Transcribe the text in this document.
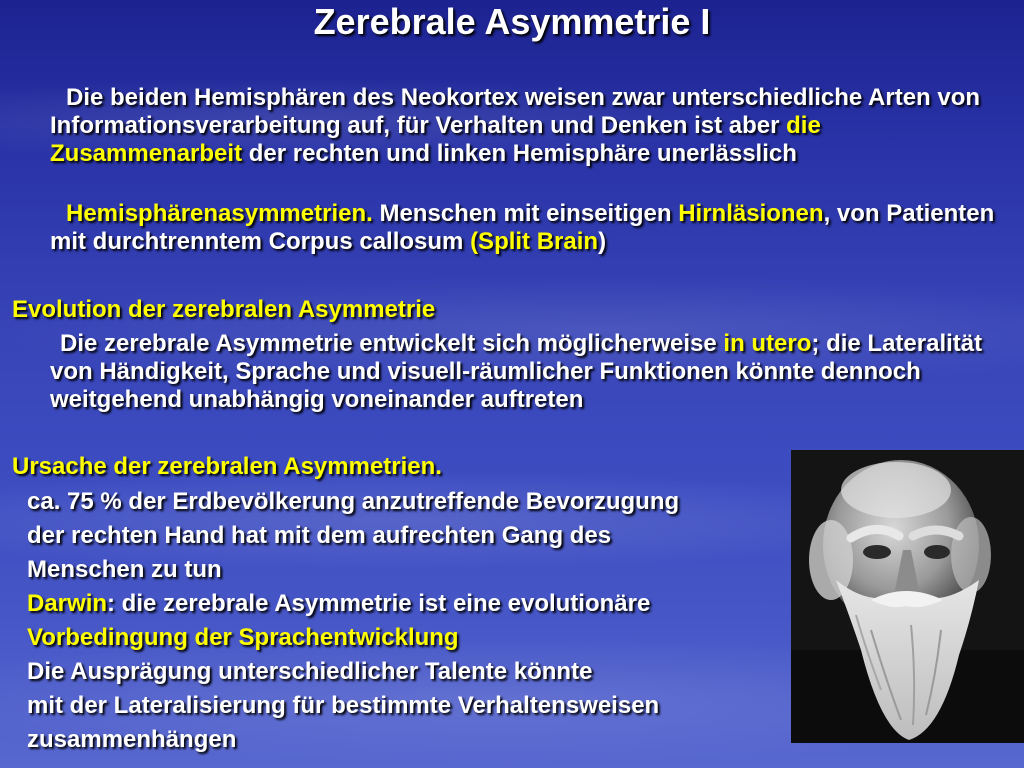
Zerebrale Asymmetrie I
Die beiden Hemisphären des Neokortex weisen zwar unterschiedliche Arten von Informationsverarbeitung auf, für Verhalten und Denken ist aber die Zusammenarbeit der rechten und linken Hemisphäre unerlässlich
Hemisphärenasymmetrien. Menschen mit einseitigen Hirnläsionen, von Patienten mit durchtrenntem Corpus callosum (Split Brain)
Evolution der zerebralen Asymmetrie
Die zerebrale Asymmetrie entwickelt sich möglicherweise in utero; die Lateralität von Händigkeit, Sprache und visuell-räumlicher Funktionen könnte dennoch weitgehend unabhängig voneinander auftreten
Ursache der zerebralen Asymmetrien.
ca. 75 % der Erdbevölkerung anzutreffende Bevorzugung
der rechten Hand hat mit dem aufrechten Gang des
Menschen zu tun
Darwin: die zerebrale Asymmetrie ist eine evolutionäre
Vorbedingung der Sprachentwicklung
Die Ausprägung unterschiedlicher Talente könnte
mit der Lateralisierung für bestimmte Verhaltensweisen
zusammenhängen
